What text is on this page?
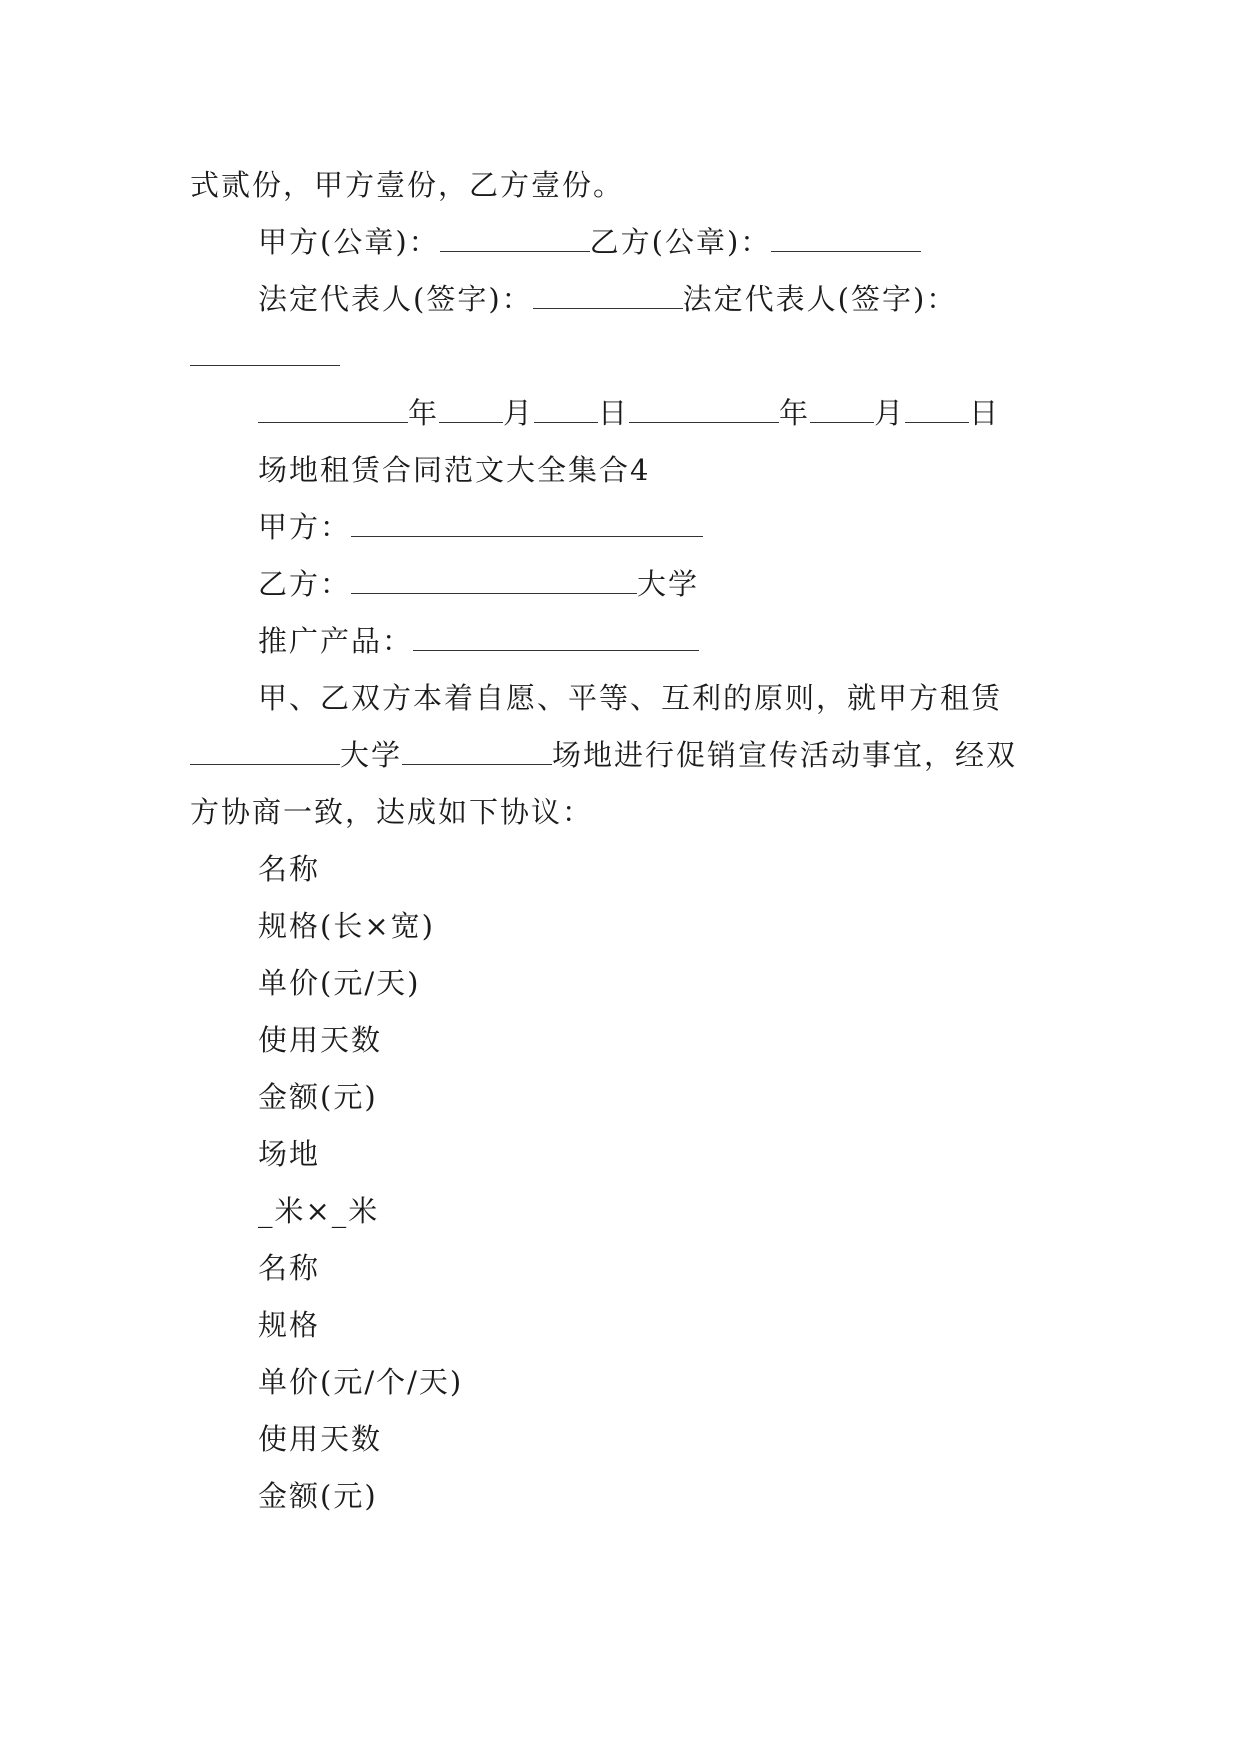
式贰份，甲方壹份，乙方壹份。
甲方(公章)：	乙方(公章)：
法定代表人(签字)：	法定代表人(签字)：
年 月 日	年 月 日
场地租赁合同范文大全集合4
甲方：
乙方：	大学
推广产品：
甲、乙双方本着自愿、平等、互利的原则，就甲方租赁
大学	场地进行促销宣传活动事宜，经双
方协商一致，达成如下协议：
名称
规格(长×宽)
单价(元/天)
使用天数
金额(元)
场地
_米×_米
名称
规格
单价(元/个/天)
使用天数
金额(元)
